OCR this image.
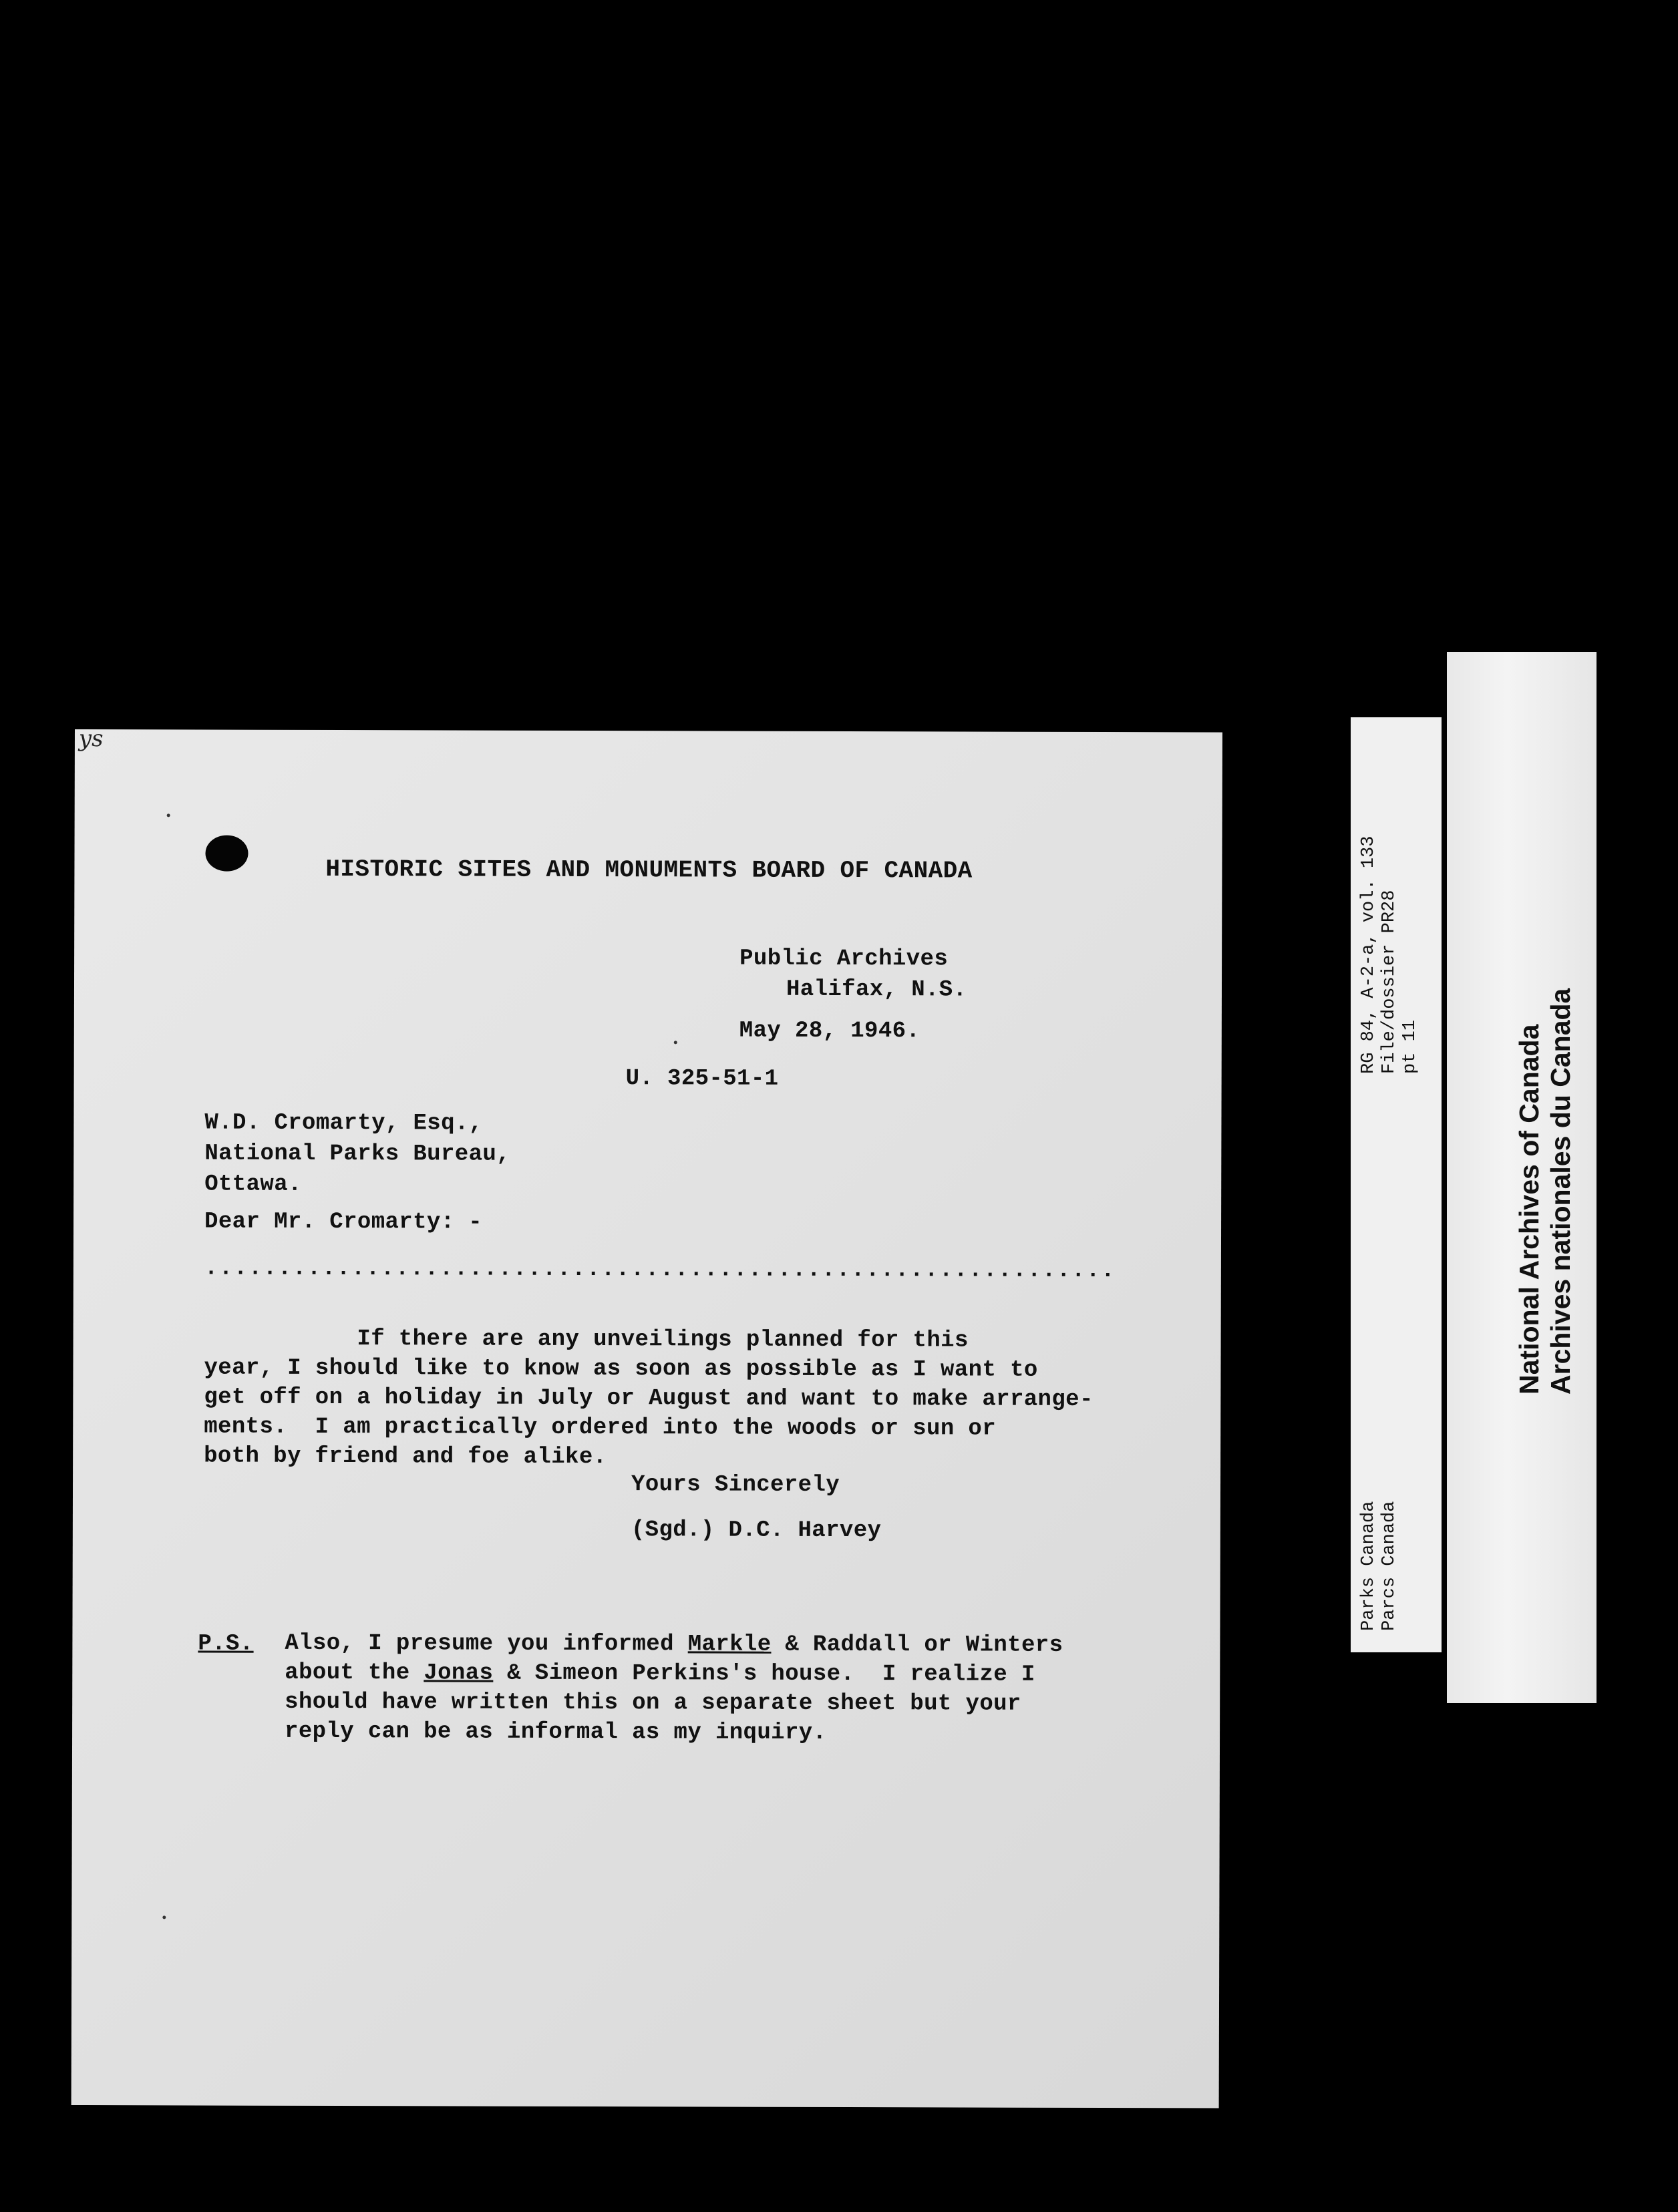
ys
HISTORIC SITES AND MONUMENTS BOARD OF CANADA
Public Archives
Halifax, N.S.
May 28, 1946.
U. 325-51-1
W.D. Cromarty, Esq.,
National Parks Bureau,
Ottawa.
Dear Mr. Cromarty: -
..............................................................
If there are any unveilings planned for this
year, I should like to know as soon as possible as I want to
get off on a holiday in July or August and want to make arrange-
ments.  I am practically ordered into the woods or sun or
both by friend and foe alike.
Yours Sincerely
(Sgd.) D.C. Harvey
P.S. Also, I presume you informed Markle & Raddall or Winters
about the Jonas & Simeon Perkins's house.  I realize I
should have written this on a separate sheet but your
reply can be as informal as my inquiry.
RG 84, A-2-a, vol. 133
File/dossier PR28
pt 11
Parks Canada
Parcs Canada
National Archives of Canada
Archives nationales du Canada
